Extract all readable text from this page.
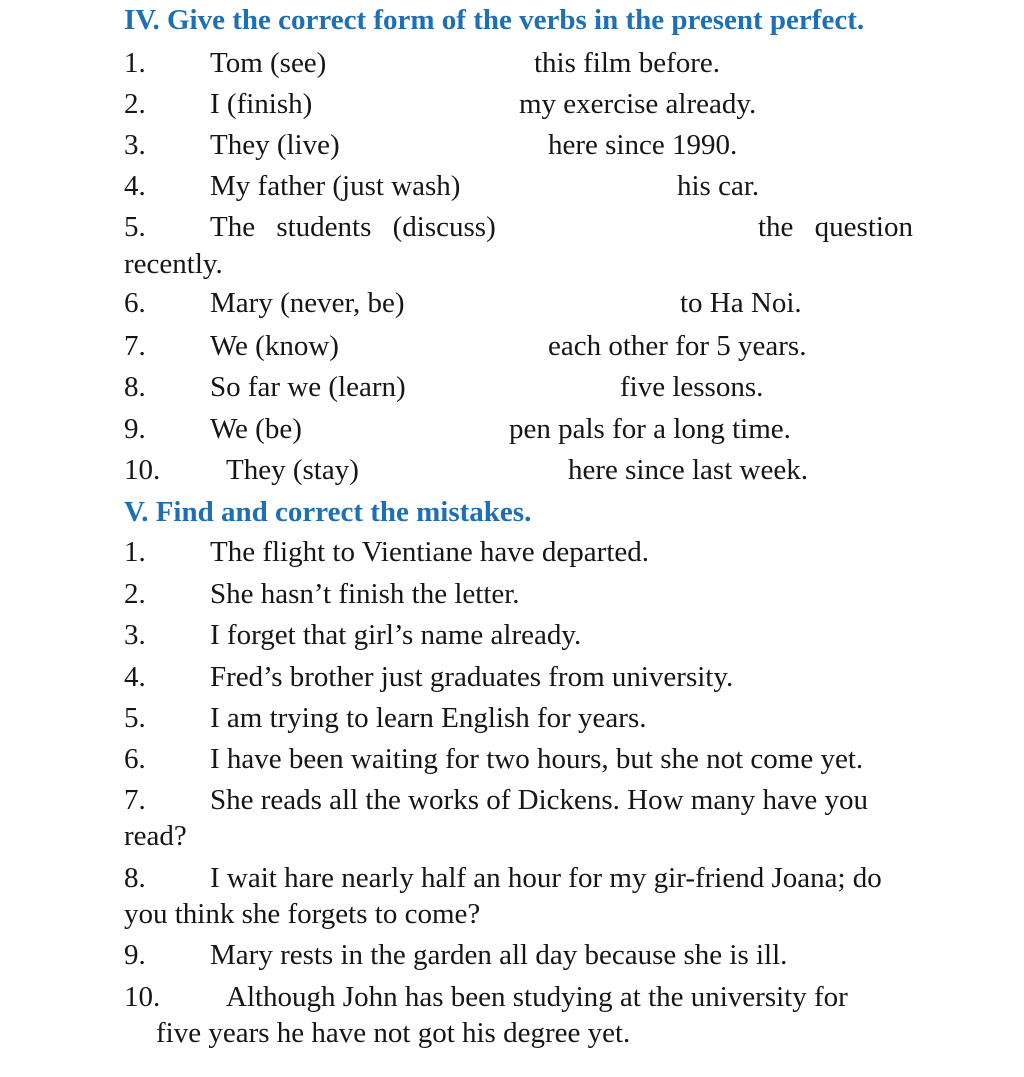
IV. Give the correct form of the verbs in the present perfect.
1. Tom (see)	this film before.
2. I (finish)	my exercise already.
3. They (live)	here since 1990.
4. My father (just wash)	his car.
5. The students (discuss)	the question
recently.
6. Mary (never, be)	to Ha Noi.
7. We (know)	each other for 5 years.
8. So far we (learn)	five lessons.
9. We (be)	pen pals for a long time.
10. They (stay)	here since last week.
V. Find and correct the mistakes.
1. The flight to Vientiane have departed.
2. She hasn’t finish the letter.
3. I forget that girl’s name already.
4. Fred’s brother just graduates from university.
5. I am trying to learn English for years.
6. I have been waiting for two hours, but she not come yet.
7. She reads all the works of Dickens. How many have you
read?
8. I wait hare nearly half an hour for my gir-friend Joana; do
you think she forgets to come?
9. Mary rests in the garden all day because she is ill.
10. Although John has been studying at the university for
five years he have not got his degree yet.
